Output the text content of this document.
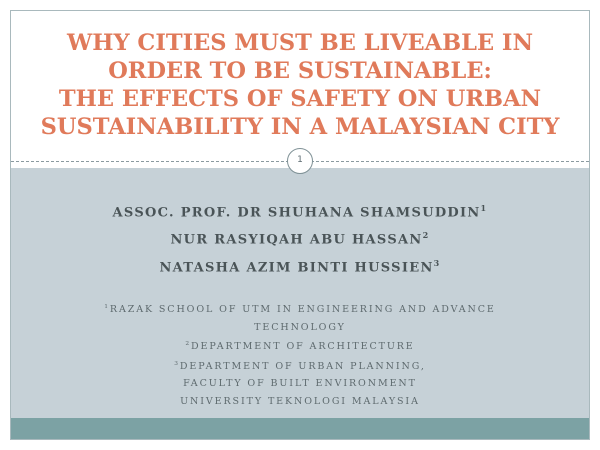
WHY CITIES MUST BE LIVEABLE IN
ORDER TO BE SUSTAINABLE:
THE EFFECTS OF SAFETY ON URBAN
SUSTAINABILITY IN A MALAYSIAN CITY
ASSOC. PROF. DR SHUHANA SHAMSUDDIN$^1$
NUR RASYIQAH ABU HASSAN$^2$
NATASHA AZIM BINTI HUSSIEN$^3$
$^1$RAZAK SCHOOL OF UTM IN ENGINEERING AND ADVANCE
TECHNOLOGY
$^2$DEPARTMENT OF ARCHITECTURE
$^3$DEPARTMENT OF URBAN PLANNING,
FACULTY OF BUILT ENVIRONMENT
UNIVERSITY TEKNOLOGI MALAYSIA
1
